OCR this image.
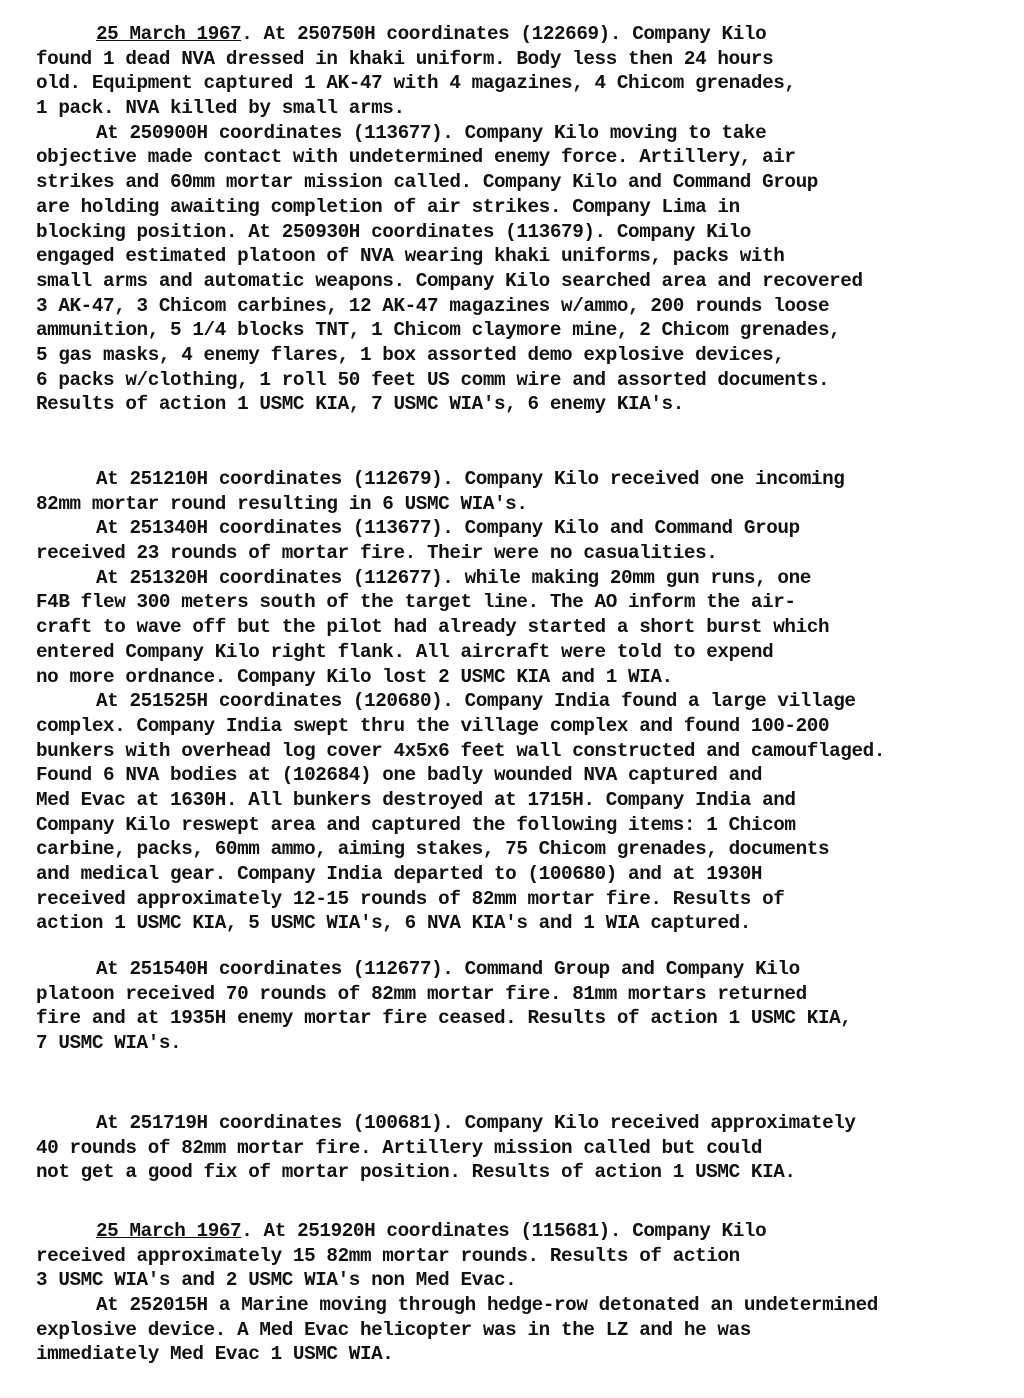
25 March 1967. At 250750H coordinates (122669). Company Kilo
found 1 dead NVA dressed in khaki uniform. Body less then 24 hours
old. Equipment captured 1 AK-47 with 4 magazines, 4 Chicom grenades,
1 pack. NVA killed by small arms.
At 250900H coordinates (113677). Company Kilo moving to take
objective made contact with undetermined enemy force. Artillery, air
strikes and 60mm mortar mission called. Company Kilo and Command Group
are holding awaiting completion of air strikes. Company Lima in
blocking position. At 250930H coordinates (113679). Company Kilo
engaged estimated platoon of NVA wearing khaki uniforms, packs with
small arms and automatic weapons. Company Kilo searched area and recovered
3 AK-47, 3 Chicom carbines, 12 AK-47 magazines w/ammo, 200 rounds loose
ammunition, 5 1/4 blocks TNT, 1 Chicom claymore mine, 2 Chicom grenades,
5 gas masks, 4 enemy flares, 1 box assorted demo explosive devices,
6 packs w/clothing, 1 roll 50 feet US comm wire and assorted documents.
Results of action 1 USMC KIA, 7 USMC WIA's, 6 enemy KIA's.
At 251210H coordinates (112679). Company Kilo received one incoming
82mm mortar round resulting in 6 USMC WIA's.
At 251340H coordinates (113677). Company Kilo and Command Group
received 23 rounds of mortar fire. Their were no casualities.
At 251320H coordinates (112677). while making 20mm gun runs, one
F4B flew 300 meters south of the target line. The AO inform the air-
craft to wave off but the pilot had already started a short burst which
entered Company Kilo right flank. All aircraft were told to expend
no more ordnance. Company Kilo lost 2 USMC KIA and 1 WIA.
At 251525H coordinates (120680). Company India found a large village
complex. Company India swept thru the village complex and found 100-200
bunkers with overhead log cover 4x5x6 feet wall constructed and camouflaged.
Found 6 NVA bodies at (102684) one badly wounded NVA captured and
Med Evac at 1630H. All bunkers destroyed at 1715H. Company India and
Company Kilo reswept area and captured the following items: 1 Chicom
carbine, packs, 60mm ammo, aiming stakes, 75 Chicom grenades, documents
and medical gear. Company India departed to (100680) and at 1930H
received approximately 12-15 rounds of 82mm mortar fire. Results of
action 1 USMC KIA, 5 USMC WIA's, 6 NVA KIA's and 1 WIA captured.
At 251540H coordinates (112677). Command Group and Company Kilo
platoon received 70 rounds of 82mm mortar fire. 81mm mortars returned
fire and at 1935H enemy mortar fire ceased. Results of action 1 USMC KIA,
7 USMC WIA's.
At 251719H coordinates (100681). Company Kilo received approximately
40 rounds of 82mm mortar fire. Artillery mission called but could
not get a good fix of mortar position. Results of action 1 USMC KIA.
25 March 1967. At 251920H coordinates (115681). Company Kilo
received approximately 15 82mm mortar rounds. Results of action
3 USMC WIA's and 2 USMC WIA's non Med Evac.
At 252015H a Marine moving through hedge-row detonated an undetermined
explosive device. A Med Evac helicopter was in the LZ and he was
immediately Med Evac 1 USMC WIA.
